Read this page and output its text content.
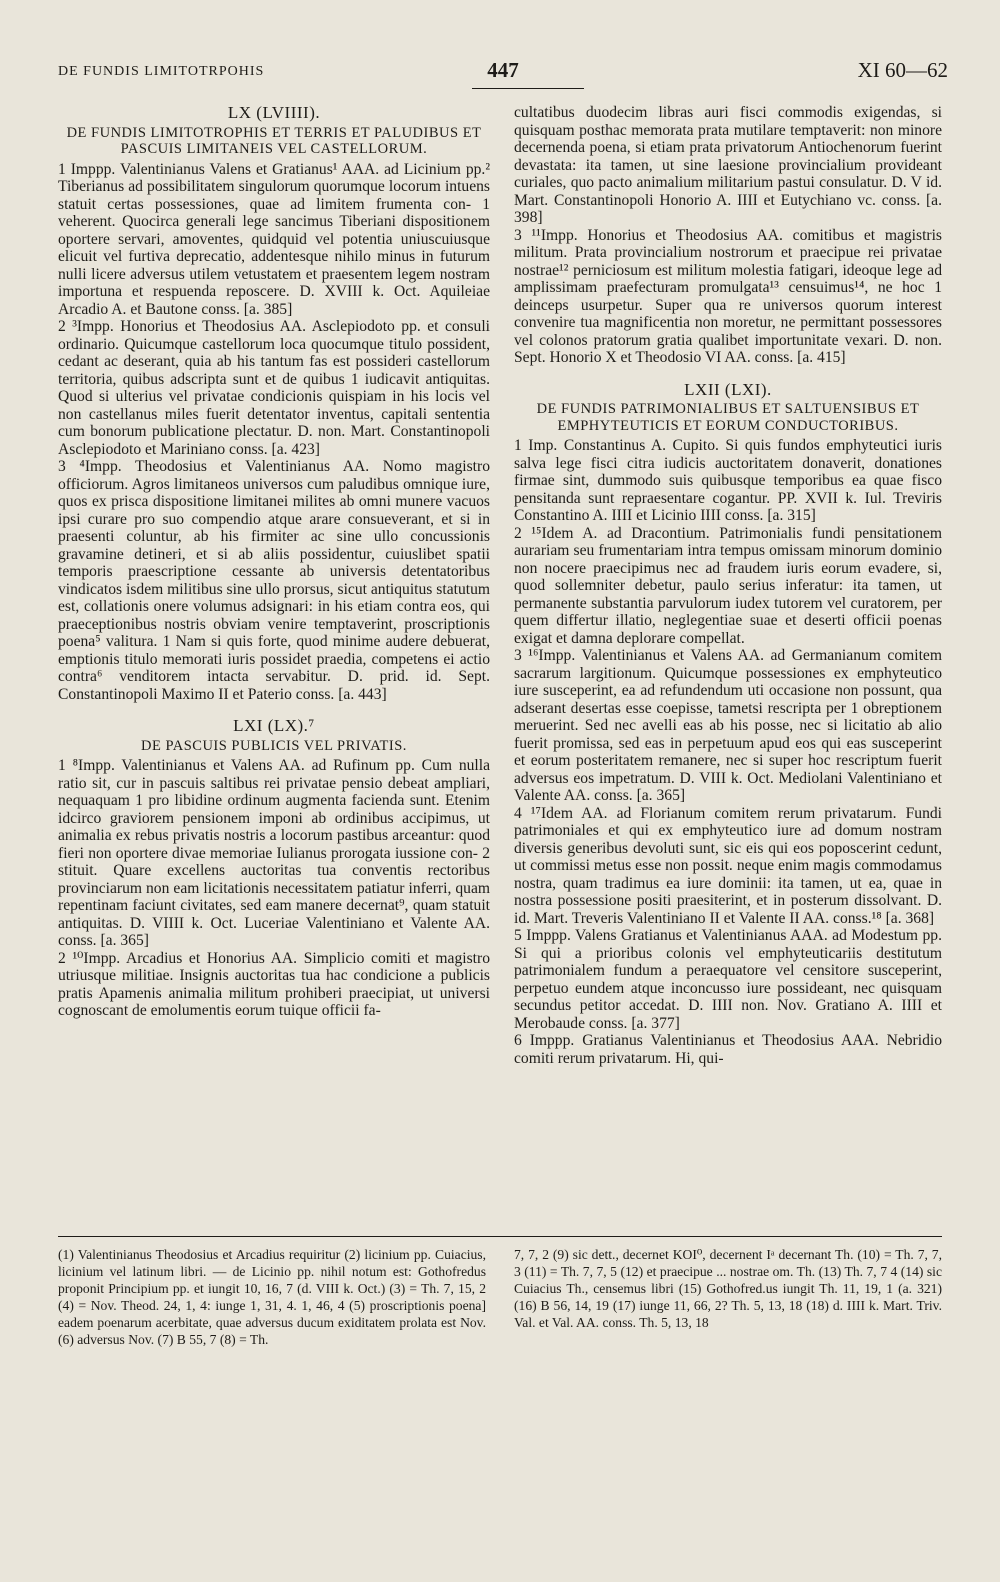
DE FUNDIS LIMITOTRPOHIS	447	XI 60—62
LX (LVIIII).
DE FUNDIS LIMITOTROPHIS ET TERRIS ET PALUDIBUS ET PASCUIS LIMITANEIS VEL CASTELLORUM.

1 Imppp. Valentinianus Valens et Gratianus¹ AAA. ad Licinium pp.² Tiberianus ad possibilitatem singulorum quorumque locorum intuens statuit certas possessiones, quae ad limitem frumenta con- 1 veherent. Quocirca generali lege sancimus Tiberiani dispositionem oportere servari, amoventes, quidquid vel potentia uniuscuiusque elicuit vel furtiva deprecatio, addentesque nihilo minus in futurum nulli licere adversus utilem vetustatem et praesentem legem nostram importuna et respuenda reposcere. D. XVIII k. Oct. Aquileiae Arcadio A. et Bautone conss. [a. 385]

2 ³Impp. Honorius et Theodosius AA. Asclepiodoto pp. et consuli ordinario. Quicumque castellorum loca quocumque titulo possident, cedant ac deserant, quia ab his tantum fas est possideri castellorum territoria, quibus adscripta sunt et de quibus 1 iudicavit antiquitas. Quod si ulterius vel privatae condicionis quispiam in his locis vel non castellanus miles fuerit detentator inventus, capitali sententia cum bonorum publicatione plectatur. D. non. Mart. Constantinopoli Asclepiodoto et Mariniano conss. [a. 423]

3 ⁴Impp. Theodosius et Valentinianus AA. Nomo magistro officiorum. Agros limitaneos universos cum paludibus omnique iure, quos ex prisca dispositione limitanei milites ab omni munere vacuos ipsi curare pro suo compendio atque arare consueverant, et si in praesenti coluntur, ab his firmiter ac sine ullo concussionis gravamine detineri, et si ab aliis possidentur, cuiuslibet spatii temporis praescriptione cessante ab universis detentatoribus vindicatos isdem militibus sine ullo prorsus, sicut antiquitus statutum est, collationis onere volumus adsignari: in his etiam contra eos, qui praeceptionibus nostris obviam venire temptaverint, proscriptionis poena⁵ valitura. 1 Nam si quis forte, quod minime audere debuerat, emptionis titulo memorati iuris possidet praedia, competens ei actio contra⁶ venditorem intacta servabitur. D. prid. id. Sept. Constantinopoli Maximo II et Paterio conss. [a. 443]

LXI (LX).⁷
DE PASCUIS PUBLICIS VEL PRIVATIS.

1 ⁸Impp. Valentinianus et Valens AA. ad Rufinum pp. Cum nulla ratio sit, cur in pascuis saltibus rei privatae pensio debeat ampliari, nequaquam 1 pro libidine ordinum augmenta facienda sunt. Etenim idcirco graviorem pensionem imponi ab ordinibus accipimus, ut animalia ex rebus privatis nostris a locorum pastibus arceantur: quod fieri non oportere divae memoriae Iulianus prorogata iussione con- 2 stituit. Quare excellens auctoritas tua conventis rectoribus provinciarum non eam licitationis necessitatem patiatur inferri, quam repentinam faciunt civitates, sed eam manere decernat⁹, quam statuit antiquitas. D. VIIII k. Oct. Luceriae Valentiniano et Valente AA. conss. [a. 365]

2 ¹⁰Impp. Arcadius et Honorius AA. Simplicio comiti et magistro utriusque militiae. Insignis auctoritas tua hac condicione a publicis pratis Apamenis animalia militum prohiberi praecipiat, ut universi cognoscant de emolumentis eorum tuique officii fa-

cultatibus duodecim libras auri fisci commodis exigendas, si quisquam posthac memorata prata mutilare temptaverit: non minore decernenda poena, si etiam prata privatorum Antiochenorum fuerint devastata: ita tamen, ut sine laesione provincialium provideant curiales, quo pacto animalium militarium pastui consulatur. D. V id. Mart. Constantinopoli Honorio A. IIII et Eutychiano vc. conss. [a. 398]

3 ¹¹Impp. Honorius et Theodosius AA. comitibus et magistris militum. Prata provincialium nostrorum et praecipue rei privatae nostrae¹² perniciosum est militum molestia fatigari, ideoque lege ad amplissimam praefecturam promulgata¹³ censuimus¹⁴, ne hoc 1 deinceps usurpetur. Super qua re universos quorum interest convenire tua magnificentia non moretur, ne permittant possessores vel colonos pratorum gratia qualibet importunitate vexari. D. non. Sept. Honorio X et Theodosio VI AA. conss. [a. 415]

LXII (LXI).
DE FUNDIS PATRIMONIALIBUS ET SALTUENSIBUS ET EMPHYTEUTICIS ET EORUM CONDUCTORIBUS.

1 Imp. Constantinus A. Cupito. Si quis fundos emphyteutici iuris salva lege fisci citra iudicis auctoritatem donaverit, donationes firmae sint, dummodo suis quibusque temporibus ea quae fisco pensitanda sunt repraesentare cogantur. PP. XVII k. Iul. Treviris Constantino A. IIII et Licinio IIII conss. [a. 315]

2 ¹⁵Idem A. ad Dracontium. Patrimonialis fundi pensitationem aurariam seu frumentariam intra tempus omissam minorum dominio non nocere praecipimus nec ad fraudem iuris eorum evadere, si, quod sollemniter debetur, paulo serius inferatur: ita tamen, ut permanente substantia parvulorum iudex tutorem vel curatorem, per quem differtur illatio, neglegentiae suae et deserti officii poenas exigat et damna deplorare compellat.

3 ¹⁶Impp. Valentinianus et Valens AA. ad Germanianum comitem sacrarum largitionum. Quicumque possessiones ex emphyteutico iure susceperint, ea ad refundendum uti occasione non possunt, qua adserant desertas esse coepisse, tametsi rescripta per 1 obreptionem meruerint. Sed nec avelli eas ab his posse, nec si licitatio ab alio fuerit promissa, sed eas in perpetuum apud eos qui eas susceperint et eorum posteritatem remanere, nec si super hoc rescriptum fuerit adversus eos impetratum. D. VIII k. Oct. Mediolani Valentiniano et Valente AA. conss. [a. 365]

4 ¹⁷Idem AA. ad Florianum comitem rerum privatarum. Fundi patrimoniales et qui ex emphyteutico iure ad domum nostram diversis generibus devoluti sunt, sic eis qui eos poposcerint cedunt, ut commissi metus esse non possit. neque enim magis commodamus nostra, quam tradimus ea iure dominii: ita tamen, ut ea, quae in nostra possessione positi praesiterint, et in posterum dissolvant. D. id. Mart. Treveris Valentiniano II et Valente II AA. conss.¹⁸ [a. 368]

5 Imppp. Valens Gratianus et Valentinianus AAA. ad Modestum pp. Si qui a prioribus colonis vel emphyteuticariis destitutum patrimonialem fundum a peraequatore vel censitore susceperint, perpetuo eundem atque inconcusso iure possideant, nec quisquam secundus petitor accedat. D. IIII non. Nov. Gratiano A. IIII et Merobaude conss. [a. 377]

6 Imppp. Gratianus Valentinianus et Theodosius AAA. Nebridio comiti rerum privatarum. Hi, qui-

(1) Valentinianus Theodosius et Arcadius requiritur (2) licinium pp. Cuiacius, licinium vel latinum libri. — de Licinio pp. nihil notum est: Gothofredus proponit Principium pp. et iungit 10, 16, 7 (d. VIII k. Oct.) (3) = Th. 7, 15, 2 (4) = Nov. Theod. 24, 1, 4: iunge 1, 31, 4. 1, 46, 4 (5) proscriptionis poena] eadem poenarum acerbitate, quae adversus ducum exiditatem prolata est Nov. (6) adversus Nov. (7) B 55, 7 (8) = Th.
7, 7, 2 (9) sic dett., decernet KOI⁰, decernent Iᵃ decernant Th. (10) = Th. 7, 7, 3 (11) = Th. 7, 7, 5 (12) et praecipue ... nostrae om. Th. (13) Th. 7, 7 4 (14) sic Cuiacius Th., censemus libri (15) Gothofred.us iungit Th. 11, 19, 1 (a. 321) (16) B 56, 14, 19 (17) iunge 11, 66, 2? Th. 5, 13, 18 (18) d. IIII k. Mart. Triv. Val. et Val. AA. conss. Th. 5, 13, 18
